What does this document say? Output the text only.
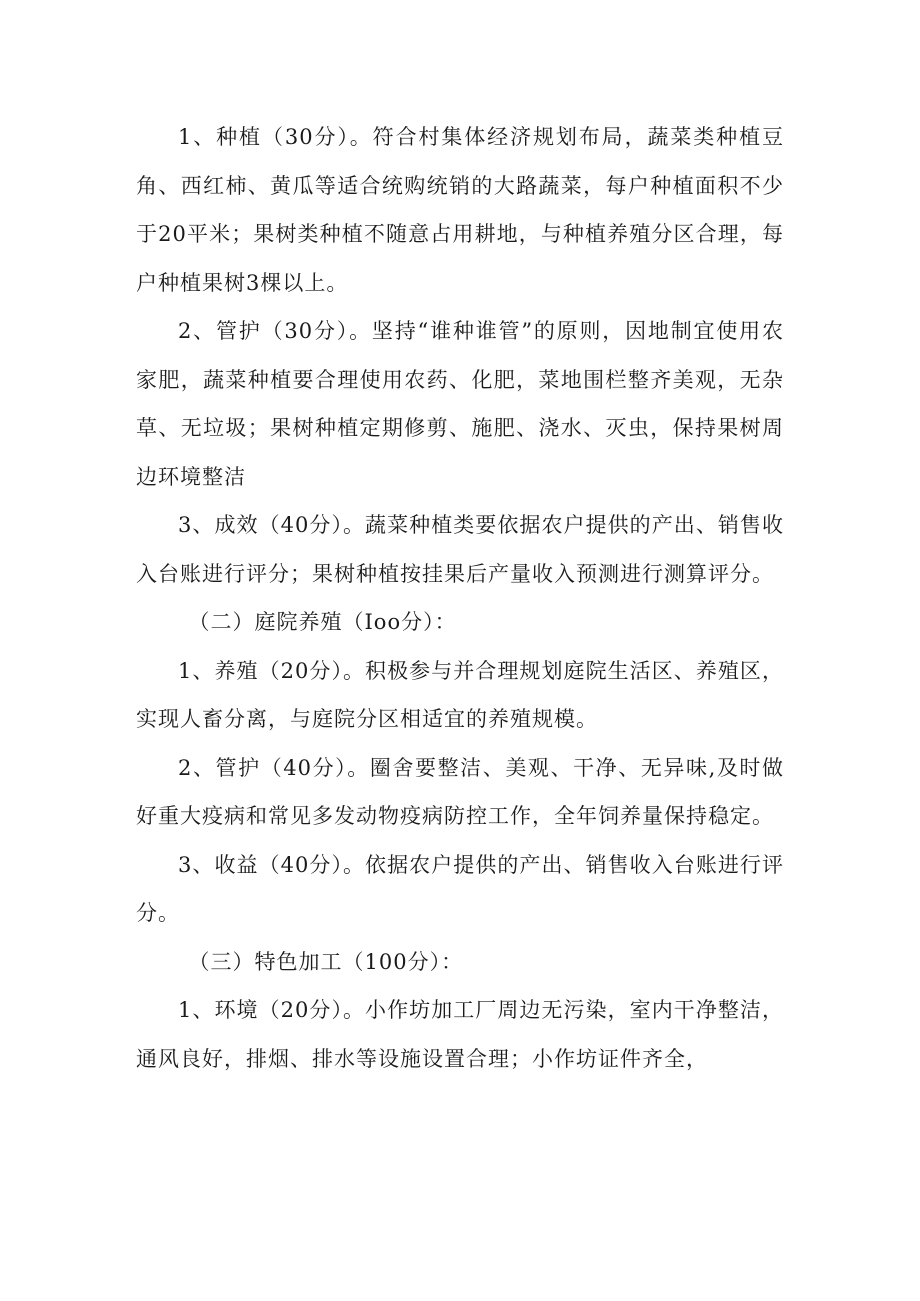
1、种植（30分）。符合村集体经济规划布局，蔬菜类种植豆角、西红柿、黄瓜等适合统购统销的大路蔬菜，每户种植面积不少于20平米；果树类种植不随意占用耕地，与种植养殖分区合理，每户种植果树3棵以上。

2、管护（30分）。坚持“谁种谁管”的原则，因地制宜使用农家肥，蔬菜种植要合理使用农药、化肥，菜地围栏整齐美观，无杂草、无垃圾；果树种植定期修剪、施肥、浇水、灭虫，保持果树周边环境整洁

3、成效（40分）。蔬菜种植类要依据农户提供的产出、销售收入台账进行评分；果树种植按挂果后产量收入预测进行测算评分。

（二）庭院养殖（Ioo分）：

1、养殖（20分）。积极参与并合理规划庭院生活区、养殖区，实现人畜分离，与庭院分区相适宜的养殖规模。

2、管护（40分）。圈舍要整洁、美观、干净、无异味,及时做好重大疫病和常见多发动物疫病防控工作，全年饲养量保持稳定。

3、收益（40分）。依据农户提供的产出、销售收入台账进行评分。

（三）特色加工（100分）：

1、环境（20分）。小作坊加工厂周边无污染，室内干净整洁，通风良好，排烟、排水等设施设置合理；小作坊证件齐全，
